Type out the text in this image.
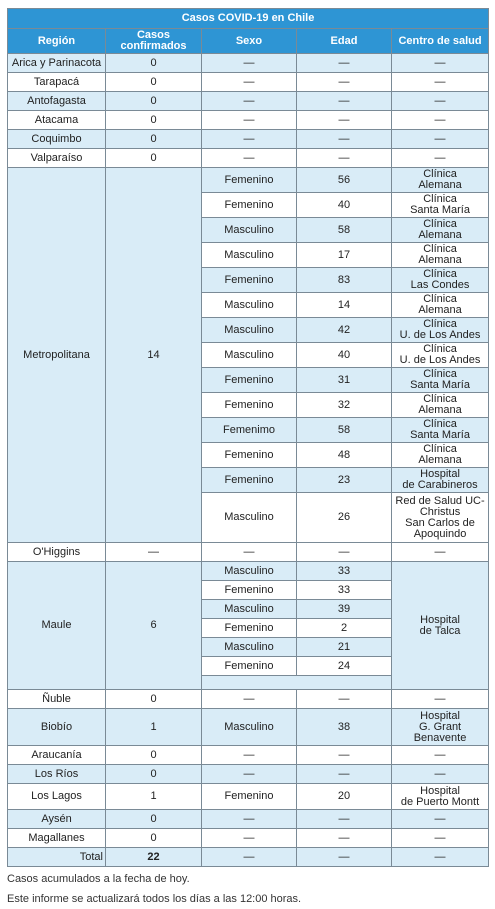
Casos COVID-19 en Chile				
Región	Casos confirmados	Sexo	Edad	Centro de salud
Arica y Parinacota	0	—	—	—
Tarapacá	0	—	—	—
Antofagasta	0	—	—	—
Atacama	0	—	—	—
Coquimbo	0	—	—	—
Valparaíso	0	—	—	—
Metropolitana	14	Femenino	56	Clínica
Alemana
		Femenino	40	Clínica
Santa María
		Masculino	58	Clínica
Alemana
		Masculino	17	Clínica
Alemana
		Femenino	83	Clínica
Las Condes
		Masculino	14	Clínica
Alemana
		Masculino	42	Clínica
U. de Los Andes
		Masculino	40	Clínica
U. de Los Andes
		Femenino	31	Clínica
Santa María
		Femenino	32	Clínica
Alemana
		Femenimo	58	Clínica
Santa María
		Femenino	48	Clínica
Alemana
		Femenino	23	Hospital
de Carabineros
		Masculino	26	Red de Salud UC-
Christus
San Carlos de
Apoquindo
O'Higgins	—	—	—	—
Maule	6	Masculino	33	Hospital
de Talca
		Femenino	33	
		Masculino	39	
		Femenino	2	
		Masculino	21	
		Femenino	24	

Ñuble	0	—	—	—
Biobío	1	Masculino	38	Hospital
G. Grant
Benavente
Araucanía	0	—	—	—
Los Ríos	0	—	—	—
Los Lagos	1	Femenino	20	Hospital
de Puerto Montt
Aysén	0	—	—	—
Magallanes	0	—	—	—
Total	22	—	—	—
Casos acumulados a la fecha de hoy.
Este informe se actualizará todos los días a las 12:00 horas.
